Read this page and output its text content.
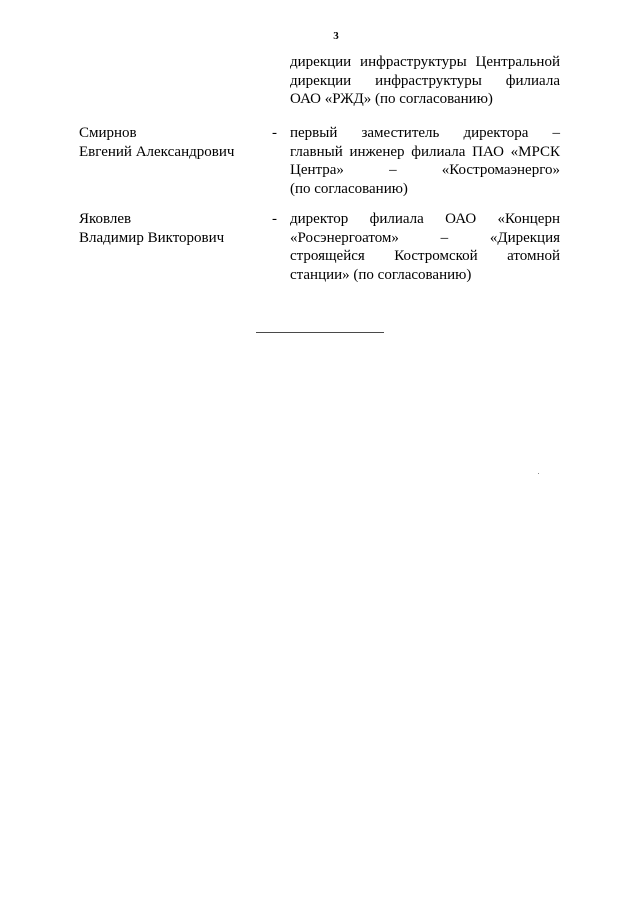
3
дирекции инфраструктуры Центральной
дирекции инфраструктуры филиала
ОАО «РЖД» (по согласованию)
Смирнов
Евгений Александрович
- первый заместитель директора –
главный инженер филиала ПАО «МРСК
Центра» – «Костромаэнерго»
(по согласованию)
Яковлев
Владимир Викторович
- директор филиала ОАО «Концерн
«Росэнергоатом» – «Дирекция
строящейся Костромской атомной
станции» (по согласованию)
